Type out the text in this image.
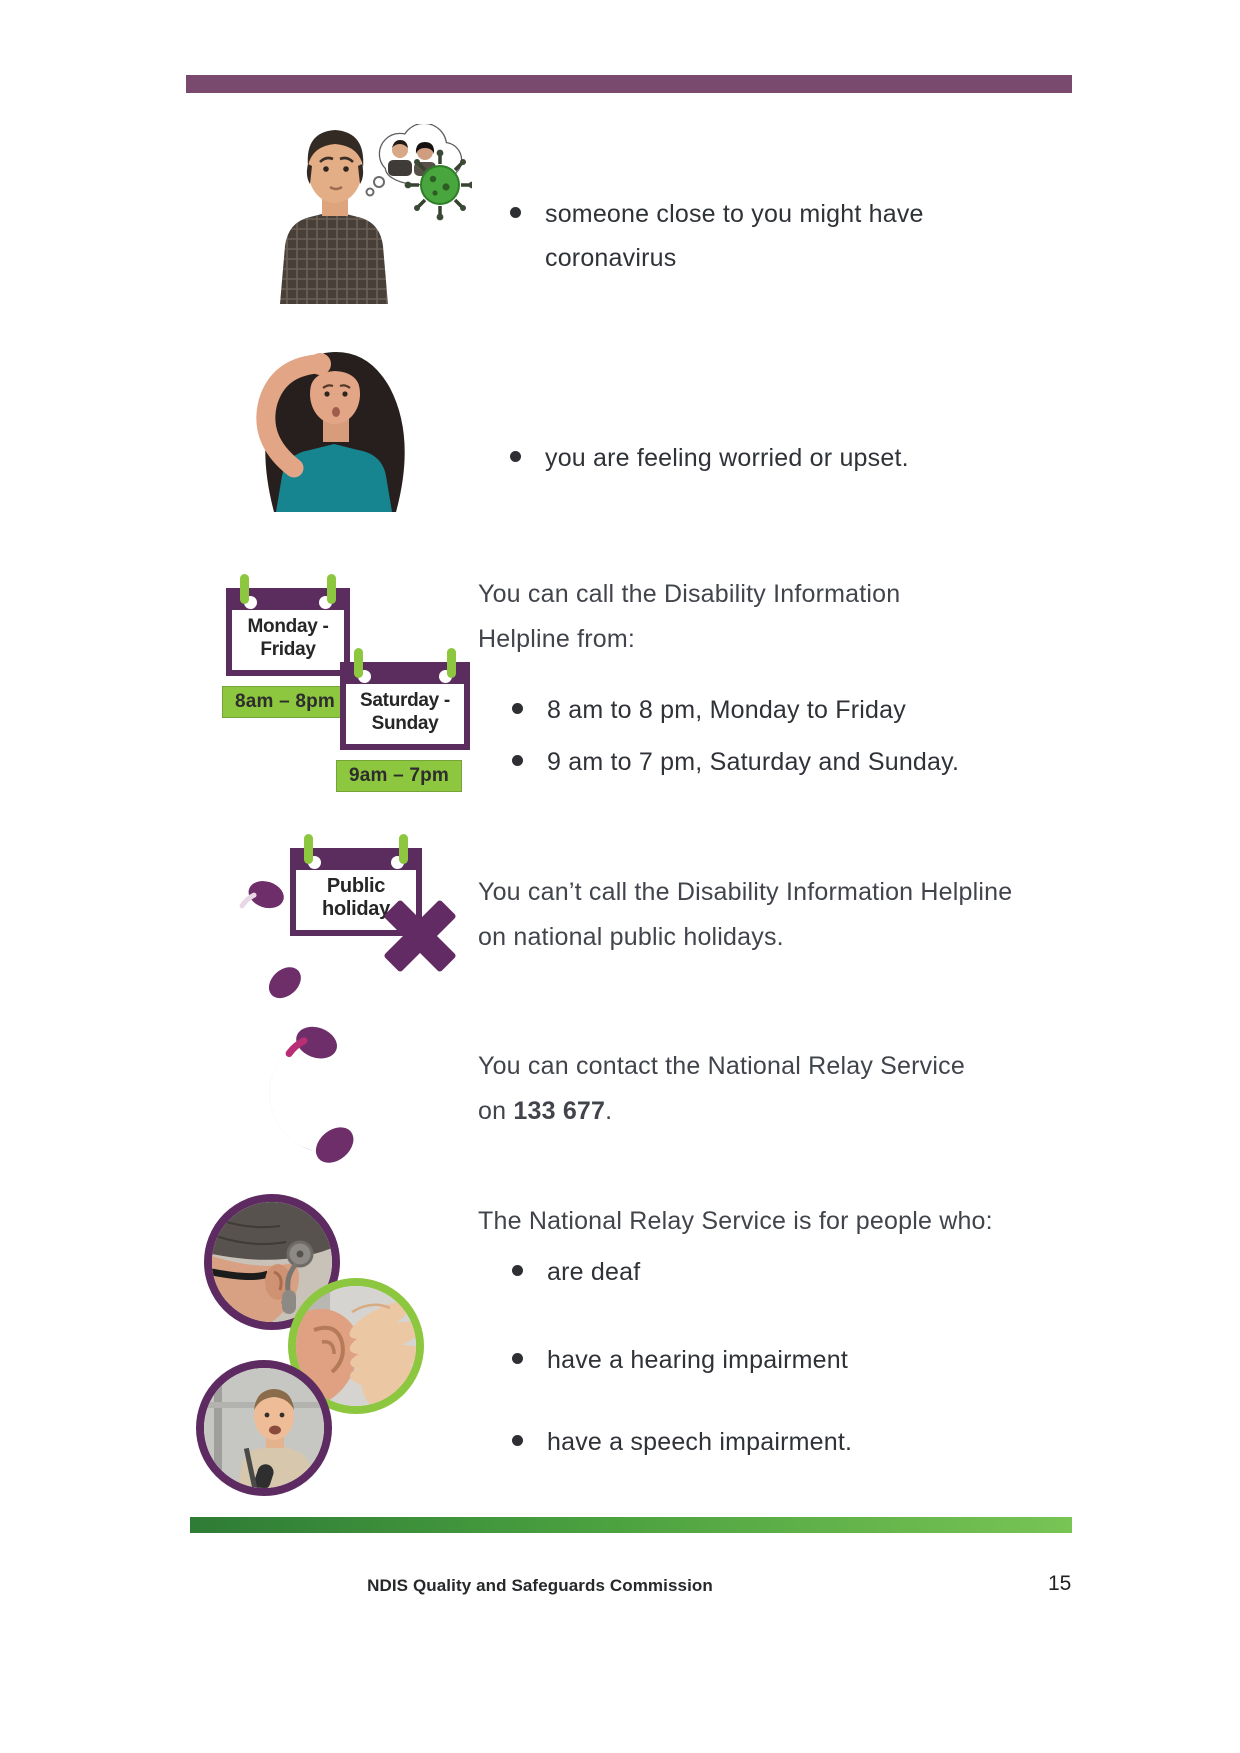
someone close to you might have coronavirus
you are feeling worried or upset.
Monday -
Friday
8am – 8pm	Saturday -
Sunday
9am – 7pm
You can call the Disability Information
Helpline from:
8 am to 8 pm, Monday to Friday
9 am to 7 pm, Saturday and Sunday.
Public
holiday
You can’t call the Disability Information Helpline
on national public holidays.
You can contact the National Relay Service
on 133 677.
The National Relay Service is for people who:
are deaf
have a hearing impairment
have a speech impairment.
NDIS Quality and Safeguards Commission	15
